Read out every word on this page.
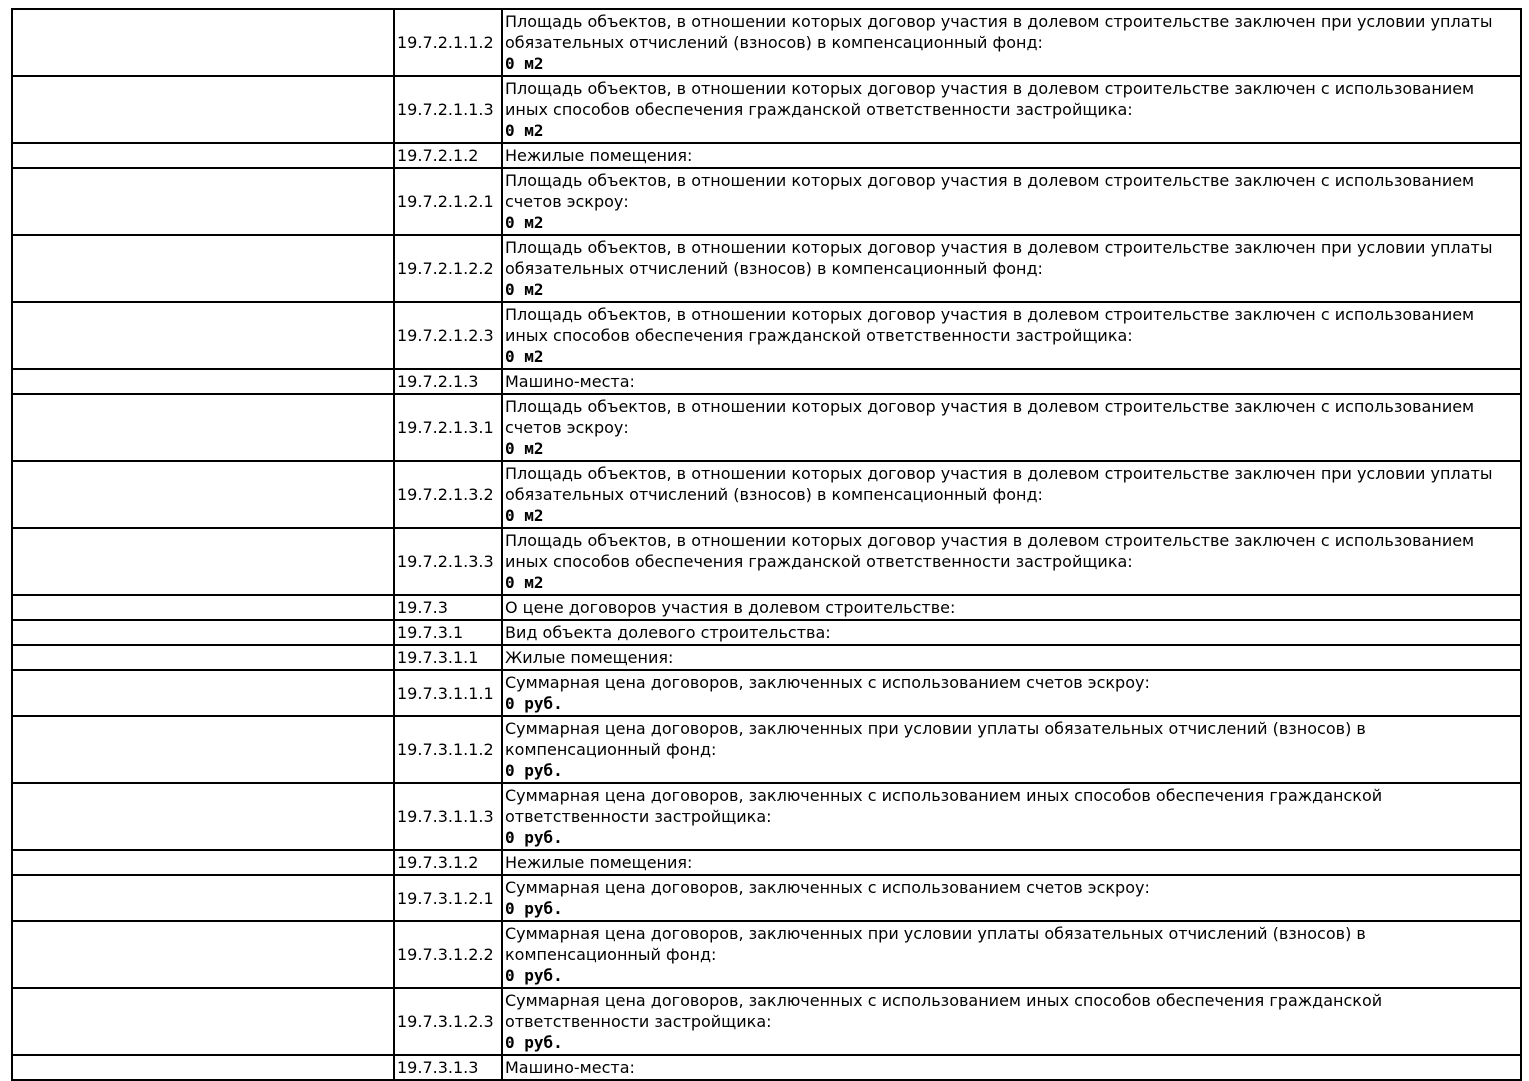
	19.7.2.1.1.2	Площадь объектов, в отношении которых договор участия в долевом строительстве заключен при условии уплаты обязательных отчислений (взносов) в компенсационный фонд:
0 м2

	19.7.2.1.1.3	Площадь объектов, в отношении которых договор участия в долевом строительстве заключен с использованием иных способов обеспечения гражданской ответственности застройщика:
0 м2

	19.7.2.1.2	Нежилые помещения:

	19.7.2.1.2.1	Площадь объектов, в отношении которых договор участия в долевом строительстве заключен с использованием счетов эскроу:
0 м2

	19.7.2.1.2.2	Площадь объектов, в отношении которых договор участия в долевом строительстве заключен при условии уплаты обязательных отчислений (взносов) в компенсационный фонд:
0 м2

	19.7.2.1.2.3	Площадь объектов, в отношении которых договор участия в долевом строительстве заключен с использованием иных способов обеспечения гражданской ответственности застройщика:
0 м2

	19.7.2.1.3	Машино-места:

	19.7.2.1.3.1	Площадь объектов, в отношении которых договор участия в долевом строительстве заключен с использованием счетов эскроу:
0 м2

	19.7.2.1.3.2	Площадь объектов, в отношении которых договор участия в долевом строительстве заключен при условии уплаты обязательных отчислений (взносов) в компенсационный фонд:
0 м2

	19.7.2.1.3.3	Площадь объектов, в отношении которых договор участия в долевом строительстве заключен с использованием иных способов обеспечения гражданской ответственности застройщика:
0 м2

	19.7.3	О цене договоров участия в долевом строительстве:

	19.7.3.1	Вид объекта долевого строительства:

	19.7.3.1.1	Жилые помещения:

	19.7.3.1.1.1	Суммарная цена договоров, заключенных с использованием счетов эскроу:
0 руб.

	19.7.3.1.1.2	Суммарная цена договоров, заключенных при условии уплаты обязательных отчислений (взносов) в компенсационный фонд:
0 руб.

	19.7.3.1.1.3	Суммарная цена договоров, заключенных с использованием иных способов обеспечения гражданской ответственности застройщика:
0 руб.

	19.7.3.1.2	Нежилые помещения:

	19.7.3.1.2.1	Суммарная цена договоров, заключенных с использованием счетов эскроу:
0 руб.

	19.7.3.1.2.2	Суммарная цена договоров, заключенных при условии уплаты обязательных отчислений (взносов) в компенсационный фонд:
0 руб.

	19.7.3.1.2.3	Суммарная цена договоров, заключенных с использованием иных способов обеспечения гражданской ответственности застройщика:
0 руб.

	19.7.3.1.3	Машино-места:
